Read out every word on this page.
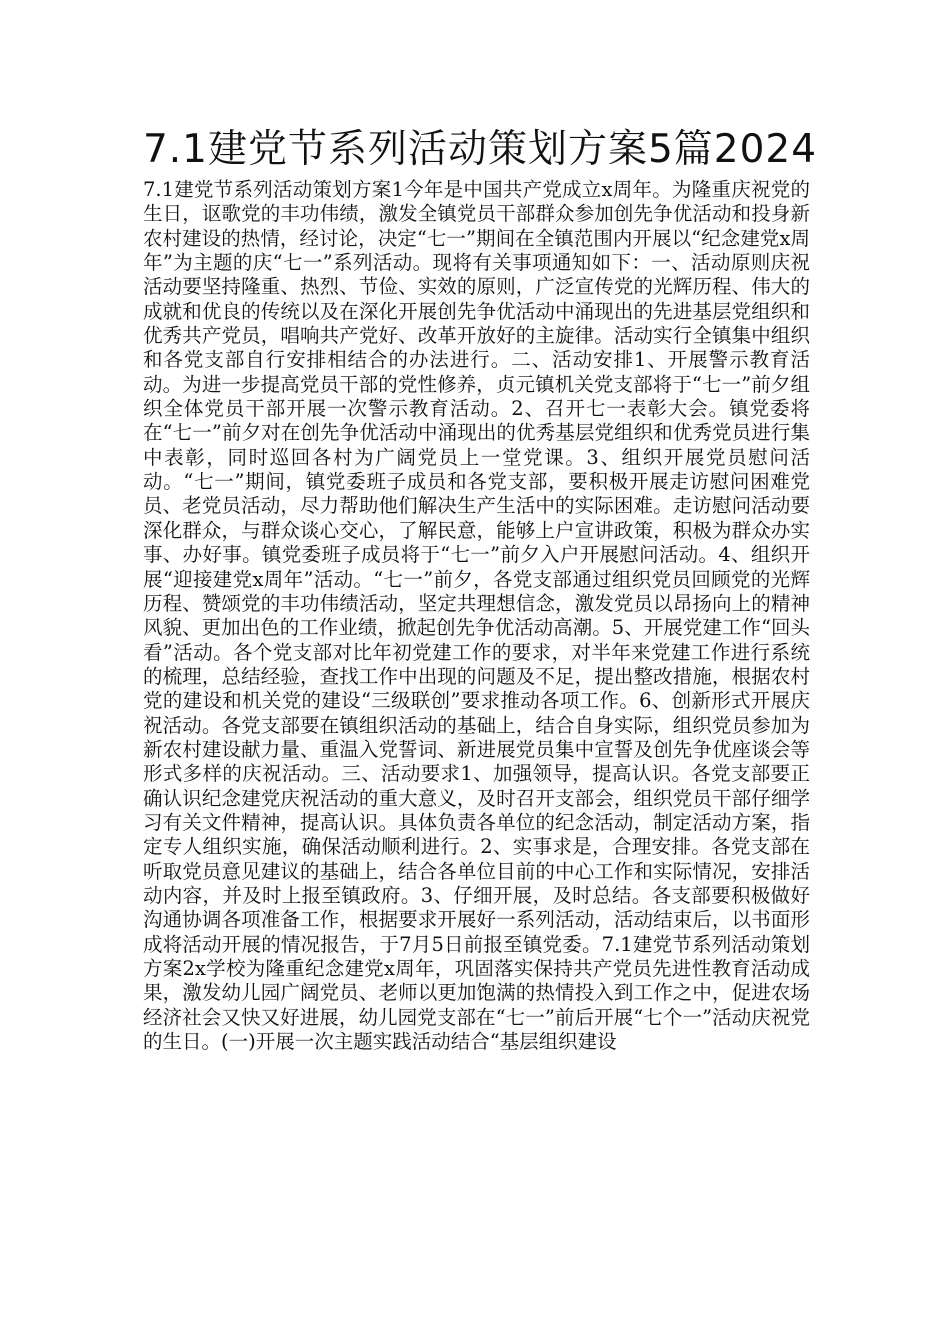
7.1建党节系列活动策划方案5篇2024

7.1建党节系列活动策划方案1今年是中国共产党成立x周年。为隆重庆祝党的生日，讴歌党的丰功伟绩，激发全镇党员干部群众参加创先争优活动和投身新农村建设的热情，经讨论，决定“七一”期间在全镇范围内开展以“纪念建党x周年”为主题的庆“七一”系列活动。现将有关事项通知如下：一、活动原则庆祝活动要坚持隆重、热烈、节俭、实效的原则，广泛宣传党的光辉历程、伟大的成就和优良的传统以及在深化开展创先争优活动中涌现出的先进基层党组织和优秀共产党员，唱响共产党好、改革开放好的主旋律。活动实行全镇集中组织和各党支部自行安排相结合的办法进行。二、活动安排1、开展警示教育活动。为进一步提高党员干部的党性修养，贞元镇机关党支部将于“七一”前夕组织全体党员干部开展一次警示教育活动。2、召开七一表彰大会。镇党委将在“七一”前夕对在创先争优活动中涌现出的优秀基层党组织和优秀党员进行集中表彰，同时巡回各村为广阔党员上一堂党课。3、组织开展党员慰问活动。“七一”期间，镇党委班子成员和各党支部，要积极开展走访慰问困难党员、老党员活动，尽力帮助他们解决生产生活中的实际困难。走访慰问活动要深化群众，与群众谈心交心，了解民意，能够上户宣讲政策，积极为群众办实事、办好事。镇党委班子成员将于“七一”前夕入户开展慰问活动。4、组织开展“迎接建党x周年”活动。“七一”前夕，各党支部通过组织党员回顾党的光辉历程、赞颂党的丰功伟绩活动，坚定共理想信念，激发党员以昂扬向上的精神风貌、更加出色的工作业绩，掀起创先争优活动高潮。5、开展党建工作“回头看”活动。各个党支部对比年初党建工作的要求，对半年来党建工作进行系统的梳理，总结经验，查找工作中出现的问题及不足，提出整改措施，根据农村党的建设和机关党的建设“三级联创”要求推动各项工作。6、创新形式开展庆祝活动。各党支部要在镇组织活动的基础上，结合自身实际，组织党员参加为新农村建设献力量、重温入党誓词、新进展党员集中宣誓及创先争优座谈会等形式多样的庆祝活动。三、活动要求1、加强领导，提高认识。各党支部要正确认识纪念建党庆祝活动的重大意义，及时召开支部会，组织党员干部仔细学习有关文件精神，提高认识。具体负责各单位的纪念活动，制定活动方案，指定专人组织实施，确保活动顺利进行。2、实事求是，合理安排。各党支部在听取党员意见建议的基础上，结合各单位目前的中心工作和实际情况，安排活动内容，并及时上报至镇政府。3、仔细开展，及时总结。各支部要积极做好沟通协调各项准备工作，根据要求开展好一系列活动，活动结束后，以书面形成将活动开展的情况报告，于7月5日前报至镇党委。7.1建党节系列活动策划方案2x学校为隆重纪念建党x周年，巩固落实保持共产党员先进性教育活动成果，激发幼儿园广阔党员、老师以更加饱满的热情投入到工作之中，促进农场经济社会又快又好进展，幼儿园党支部在“七一”前后开展“七个一”活动庆祝党的生日。(一)开展一次主题实践活动结合“基层组织建设
